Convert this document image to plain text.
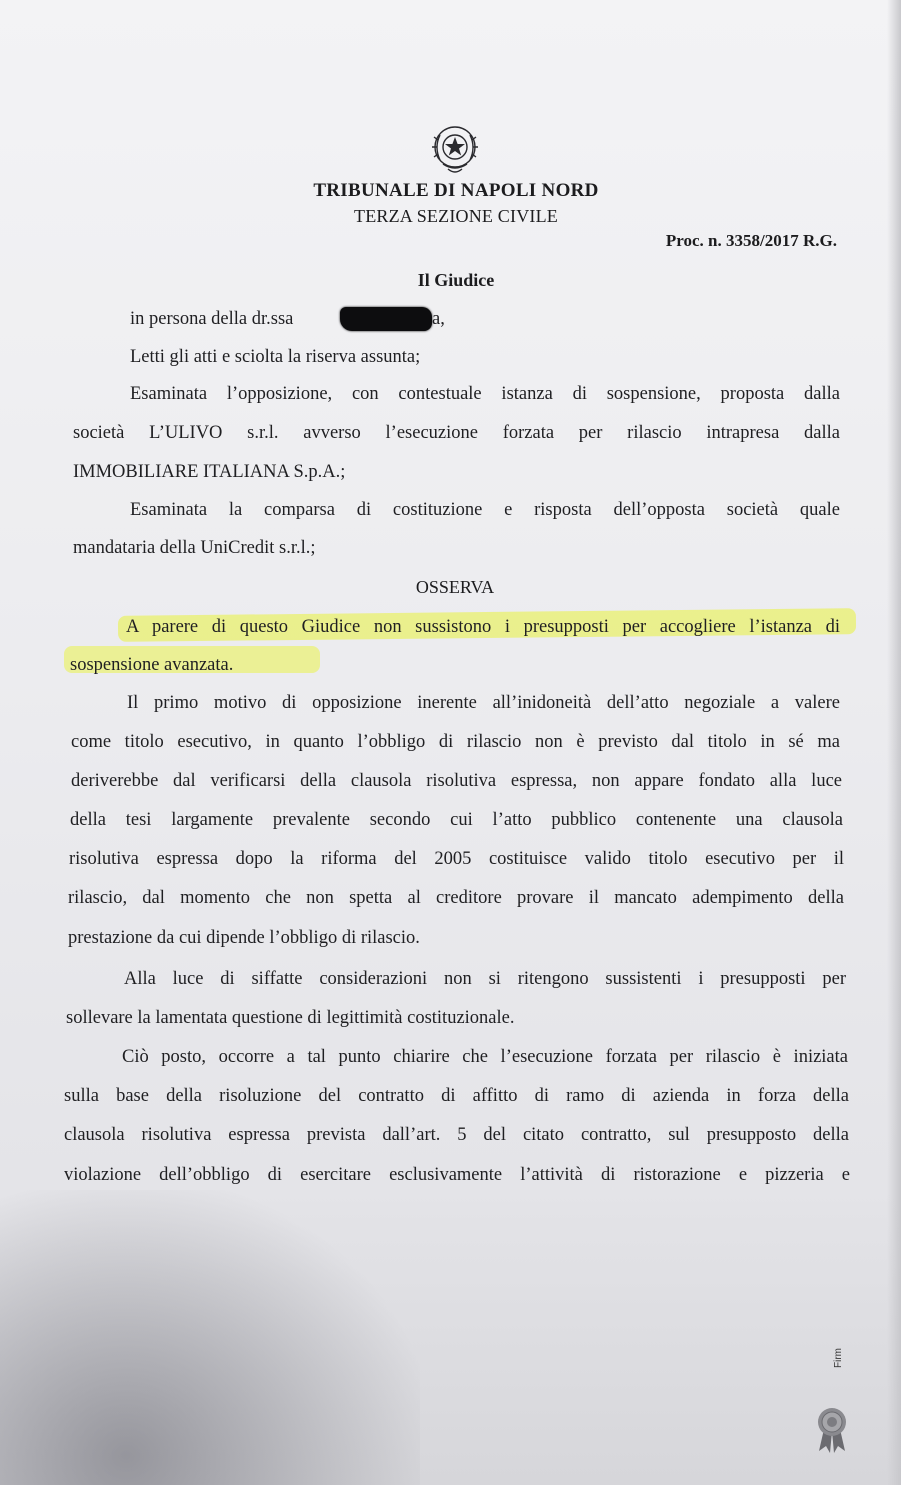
TRIBUNALE DI NAPOLI NORD
TERZA SEZIONE CIVILE
Proc. n. 3358/2017 R.G.
Il Giudice
in persona della dr.ssa	a,
Letti gli atti e sciolta la riserva assunta;
Esaminata l’opposizione, con contestuale istanza di sospensione, proposta dalla
società L’ULIVO s.r.l. avverso l’esecuzione forzata per rilascio intrapresa dalla
IMMOBILIARE ITALIANA S.p.A.;
Esaminata la comparsa di costituzione e risposta dell’opposta società quale
mandataria della UniCredit s.r.l.;
OSSERVA
A parere di questo Giudice non sussistono i presupposti per accogliere l’istanza di
sospensione avanzata.
Il primo motivo di opposizione inerente all’inidoneità dell’atto negoziale a valere
come titolo esecutivo, in quanto l’obbligo di rilascio non è previsto dal titolo in sé ma
deriverebbe dal verificarsi della clausola risolutiva espressa, non appare fondato alla luce
della tesi largamente prevalente secondo cui l’atto pubblico contenente una clausola
risolutiva espressa dopo la riforma del 2005 costituisce valido titolo esecutivo per il
rilascio, dal momento che non spetta al creditore provare il mancato adempimento della
prestazione da cui dipende l’obbligo di rilascio.
Alla luce di siffatte considerazioni non si ritengono sussistenti i presupposti per
sollevare la lamentata questione di legittimità costituzionale.
Ciò posto, occorre a tal punto chiarire che l’esecuzione forzata per rilascio è iniziata
sulla base della risoluzione del contratto di affitto di ramo di azienda in forza della
clausola risolutiva espressa prevista dall’art. 5 del citato contratto, sul presupposto della
violazione dell’obbligo di esercitare esclusivamente l’attività di ristorazione e pizzeria e
Firm
